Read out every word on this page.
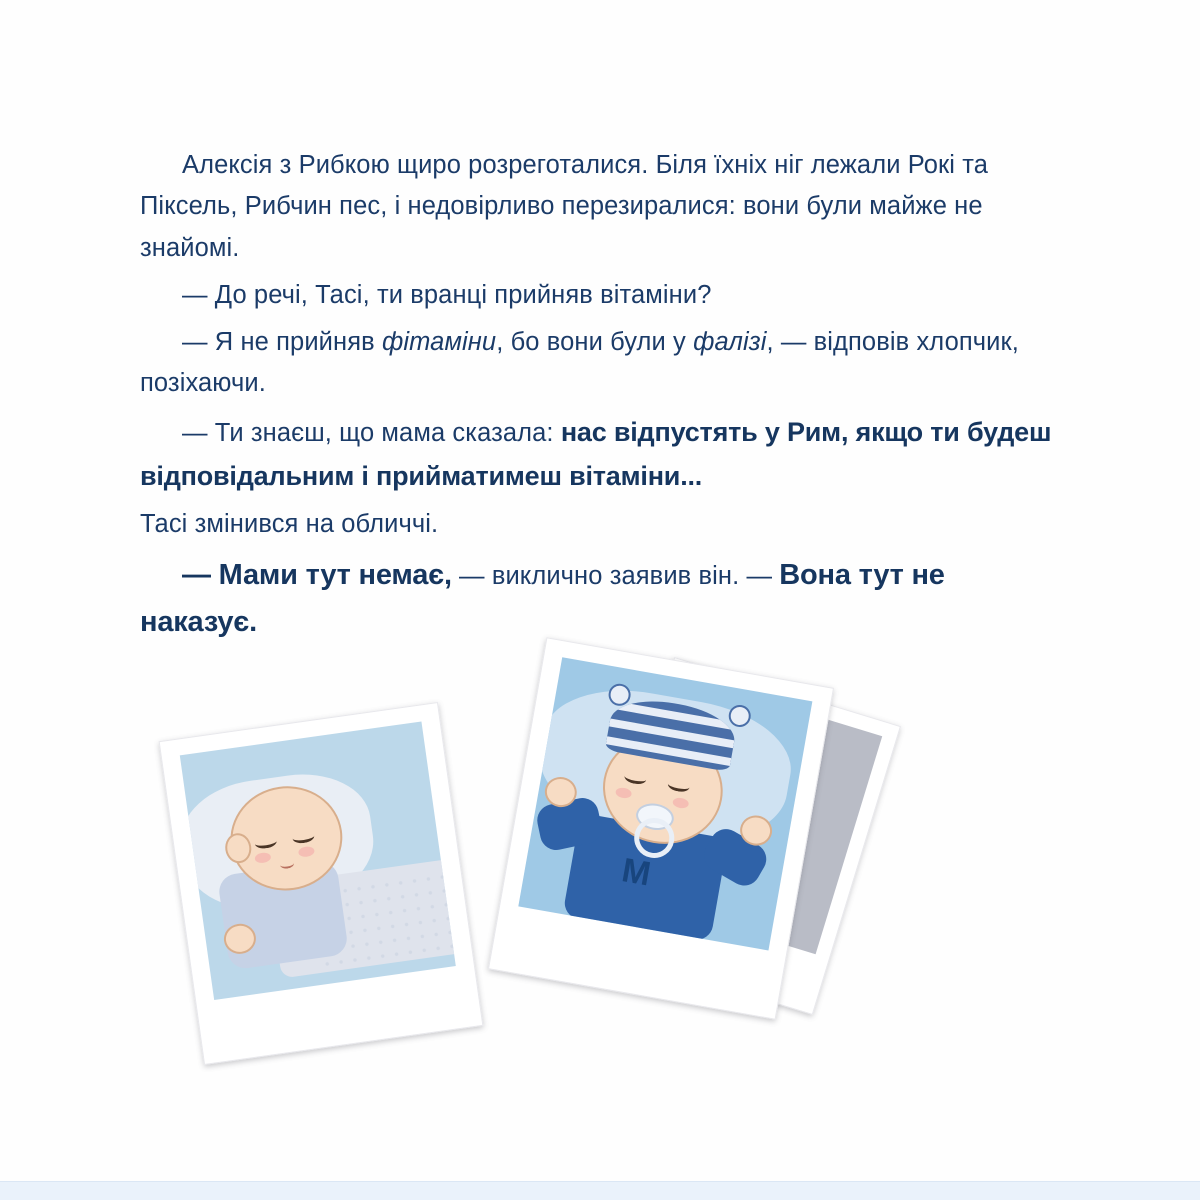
Алексія з Рибкою щиро розреготалися. Біля їхніх ніг лежали Рокі та Піксель, Рибчин пес, і недовірливо перезиралися: вони були майже не знайомі.

— До речі, Тасі, ти вранці прийняв вітаміни?

— Я не прийняв фітаміни, бо вони були у фалізі, — відповів хлопчик, позіхаючи.

— Ти знаєш, що мама сказала: нас відпустять у Рим, якщо ти будеш відповідальним і прийматимеш вітаміни...

Тасі змінився на обличчі.

— Мами тут немає, — виклично заявив він. — Вона тут не наказує.

M
